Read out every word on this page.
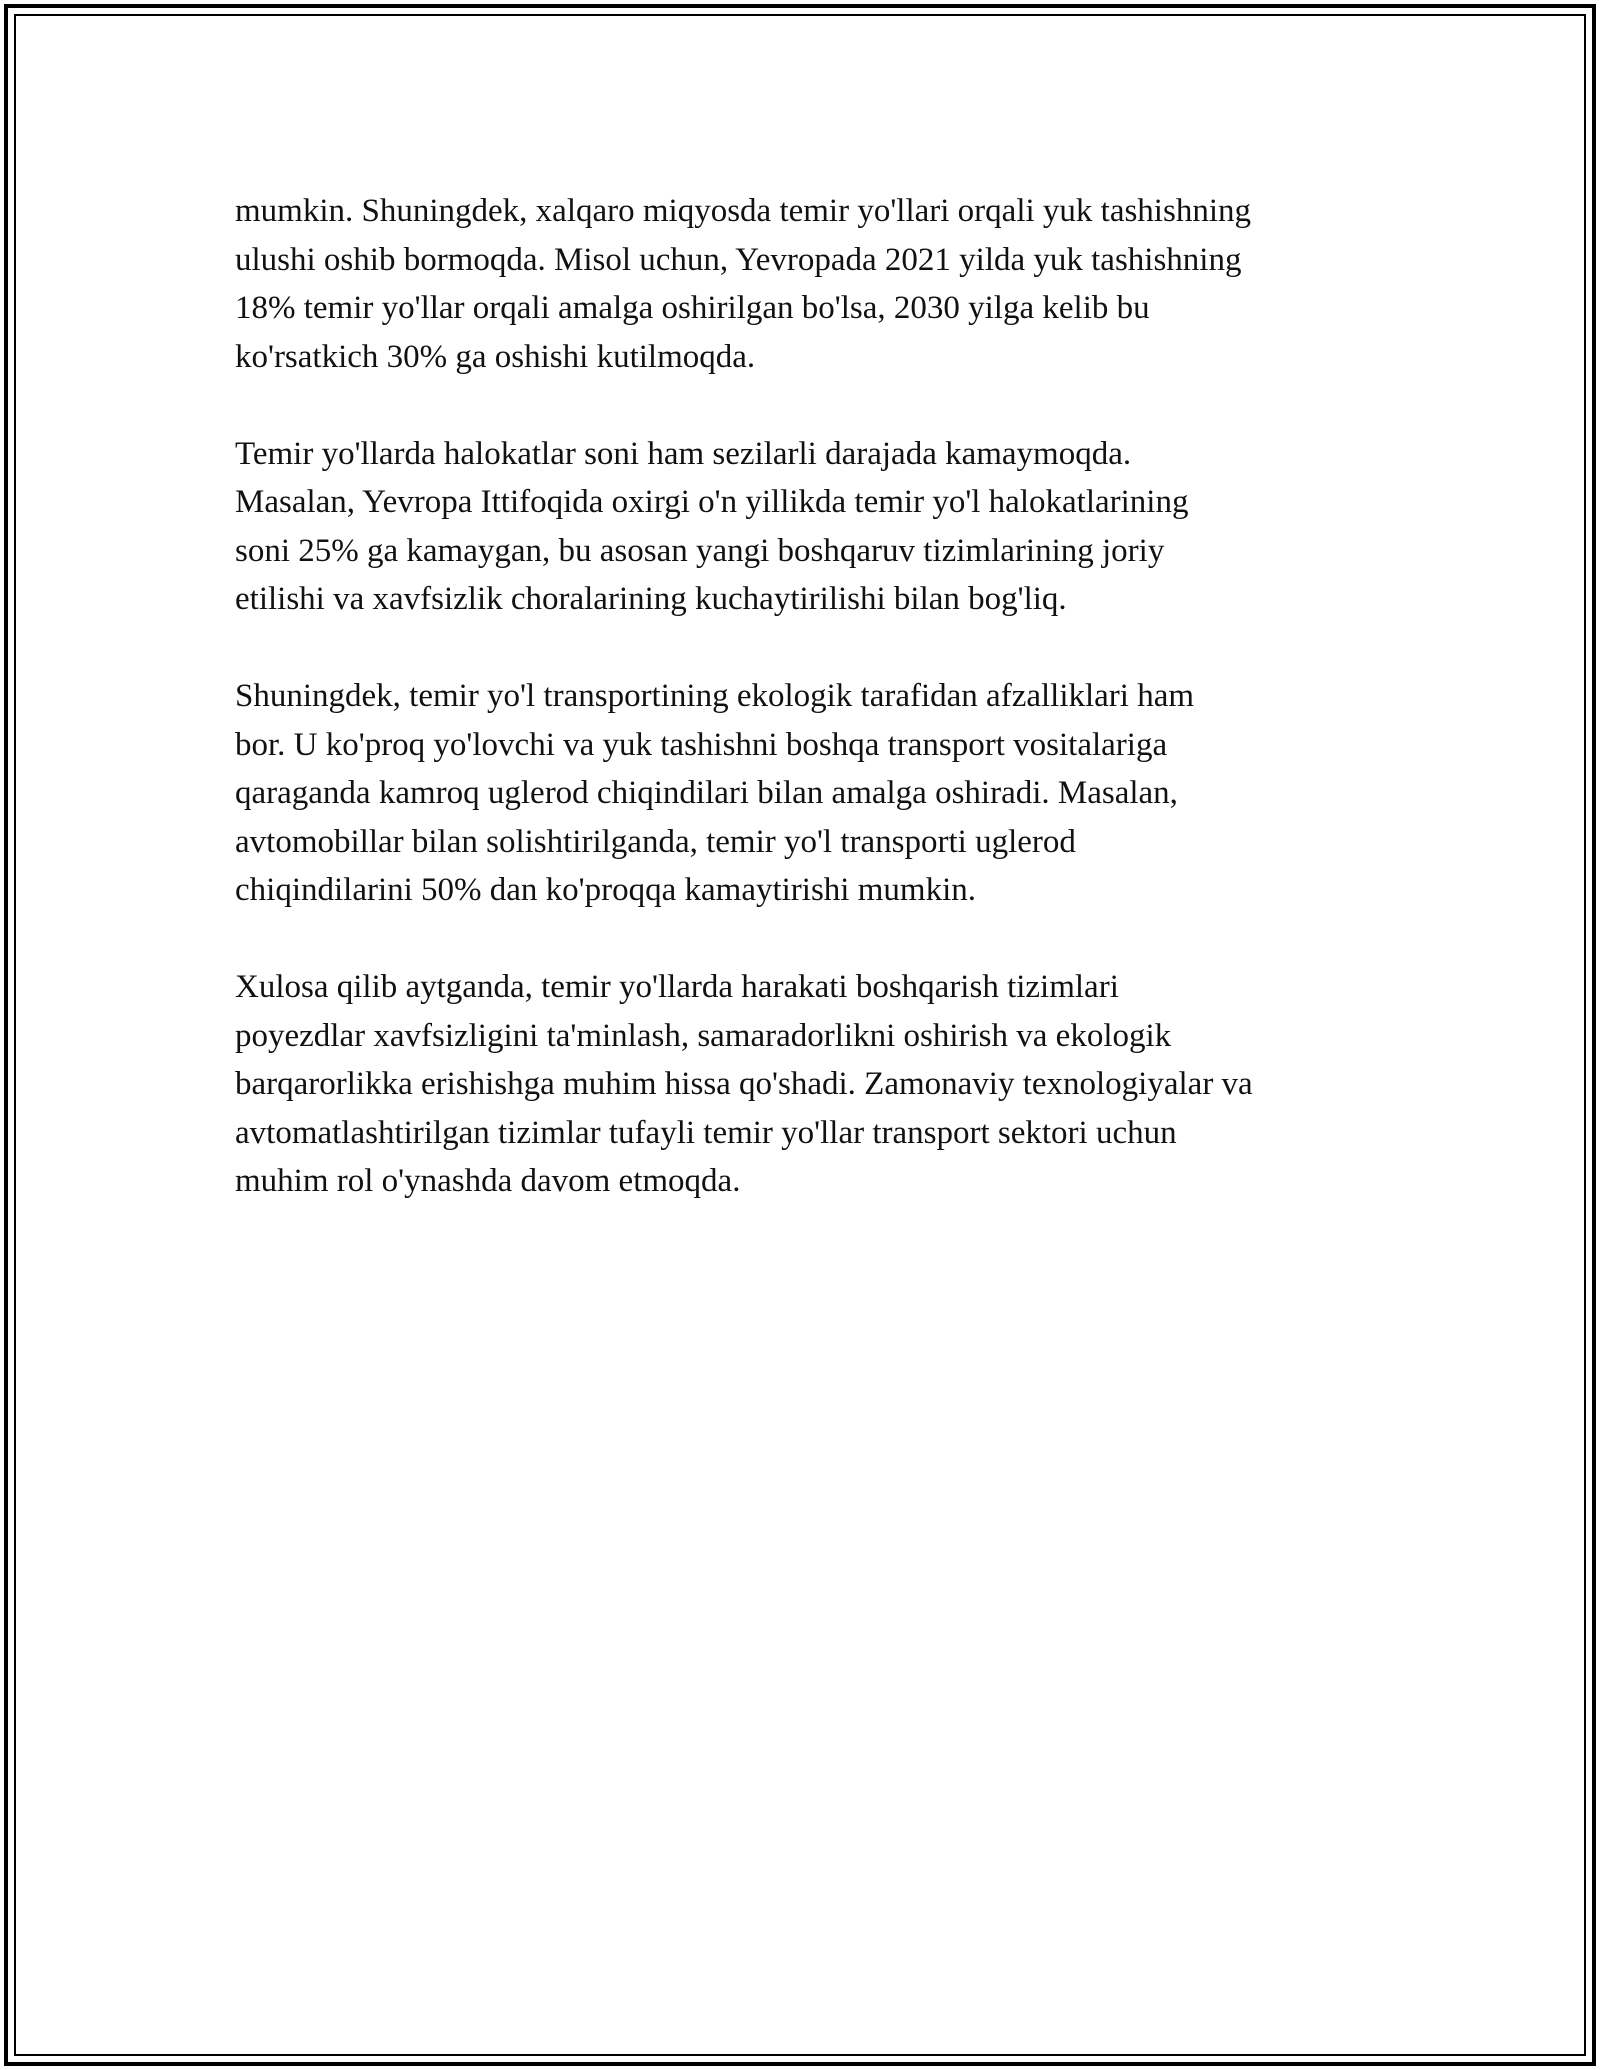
mumkin. Shuningdek, xalqaro miqyosda temir yo'llari orqali yuk tashishning
ulushi oshib bormoqda. Misol uchun, Yevropada 2021 yilda yuk tashishning
18% temir yo'llar orqali amalga oshirilgan bo'lsa, 2030 yilga kelib bu
ko'rsatkich 30% ga oshishi kutilmoqda.

Temir yo'llarda halokatlar soni ham sezilarli darajada kamaymoqda.
Masalan, Yevropa Ittifoqida oxirgi o'n yillikda temir yo'l halokatlarining
soni 25% ga kamaygan, bu asosan yangi boshqaruv tizimlarining joriy
etilishi va xavfsizlik choralarining kuchaytirilishi bilan bog'liq.

Shuningdek, temir yo'l transportining ekologik tarafidan afzalliklari ham
bor. U ko'proq yo'lovchi va yuk tashishni boshqa transport vositalariga
qaraganda kamroq uglerod chiqindilari bilan amalga oshiradi. Masalan,
avtomobillar bilan solishtirilganda, temir yo'l transporti uglerod
chiqindilarini 50% dan ko'proqqa kamaytirishi mumkin.

Xulosa qilib aytganda, temir yo'llarda harakati boshqarish tizimlari
poyezdlar xavfsizligini ta'minlash, samaradorlikni oshirish va ekologik
barqarorlikka erishishga muhim hissa qo'shadi. Zamonaviy texnologiyalar va
avtomatlashtirilgan tizimlar tufayli temir yo'llar transport sektori uchun
muhim rol o'ynashda davom etmoqda.
